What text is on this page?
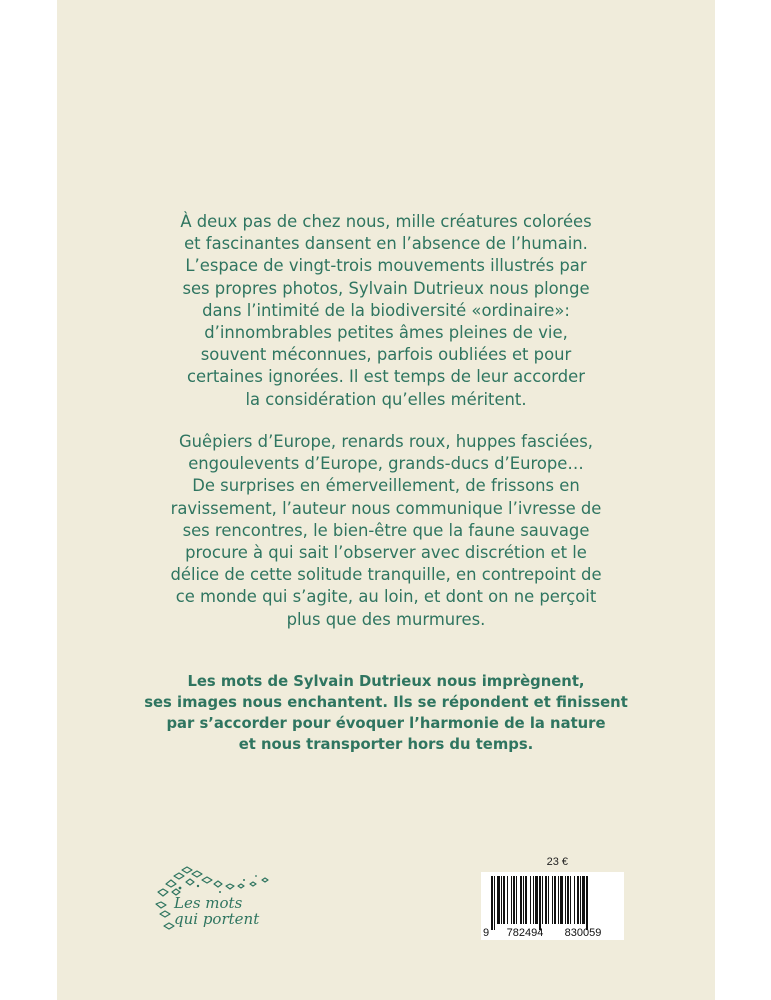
À deux pas de chez nous, mille créatures colorées
et fascinantes dansent en l’absence de l’humain.
L’espace de vingt-trois mouvements illustrés par
ses propres photos, Sylvain Dutrieux nous plonge
dans l’intimité de la biodiversité «ordinaire»:
d’innombrables petites âmes pleines de vie,
souvent méconnues, parfois oubliées et pour
certaines ignorées. Il est temps de leur accorder
la considération qu’elles méritent.

Guêpiers d’Europe, renards roux, huppes fasciées,
engoulevents d’Europe, grands-ducs d’Europe…
De surprises en émerveillement, de frissons en
ravissement, l’auteur nous communique l’ivresse de
ses rencontres, le bien-être que la faune sauvage
procure à qui sait l’observer avec discrétion et le
délice de cette solitude tranquille, en contrepoint de
ce monde qui s’agite, au loin, et dont on ne perçoit
plus que des murmures.

Les mots de Sylvain Dutrieux nous imprègnent,
ses images nous enchantent. Ils se répondent et finissent
par s’accorder pour évoquer l’harmonie de la nature
et nous transporter hors du temps.

Les mots
qui portent
23 €
9 782494 830059
